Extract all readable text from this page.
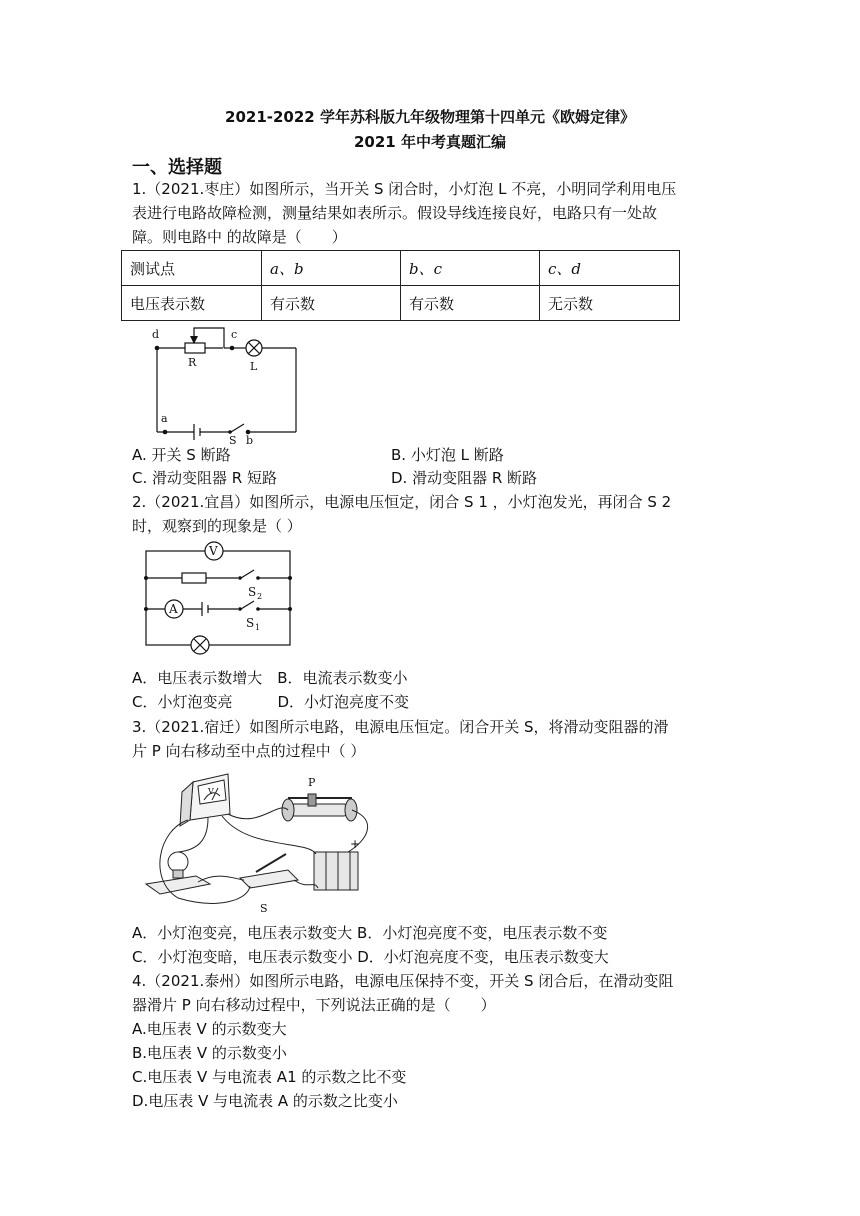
2021-2022 学年苏科版九年级物理第十四单元《欧姆定律》
2021 年中考真题汇编
一、选择题
1.（2021.枣庄）如图所示，当开关 S 闭合时，小灯泡 L 不亮，小明同学利用电压
表进行电路故障检测，测量结果如表所示。假设导线连接良好，电路只有一处故
障。则电路中 的故障是（　　）
测试点	a、b	b、c	c、d
电压表示数	有示数	有示数	无示数
d	c
R	L
a
S b
A. 开关 S 断路	B. 小灯泡 L 断路
C. 滑动变阻器 R 短路	D. 滑动变阻器 R 断路
2.（2021.宜昌）如图所示，电源电压恒定，闭合 S 1 ，小灯泡发光，再闭合 S 2
时，观察到的现象是（ ）
V
A
S 2
S 1
A．电压表示数增大　B．电流表示数变小
C．小灯泡变亮　　　D．小灯泡亮度不变
3.（2021.宿迁）如图所示电路，电源电压恒定。闭合开关 S，将滑动变阻器的滑
片 P 向右移动至中点的过程中（ ）
P
V
+
S
A．小灯泡变亮，电压表示数变大 B．小灯泡亮度不变，电压表示数不变
C．小灯泡变暗，电压表示数变小 D．小灯泡亮度不变，电压表示数变大
4.（2021.泰州）如图所示电路，电源电压保持不变，开关 S 闭合后，在滑动变阻
器滑片 P 向右移动过程中，下列说法正确的是（　　）
A.电压表 V 的示数变大
B.电压表 V 的示数变小
C.电压表 V 与电流表 A1 的示数之比不变
D.电压表 V 与电流表 A 的示数之比变小
